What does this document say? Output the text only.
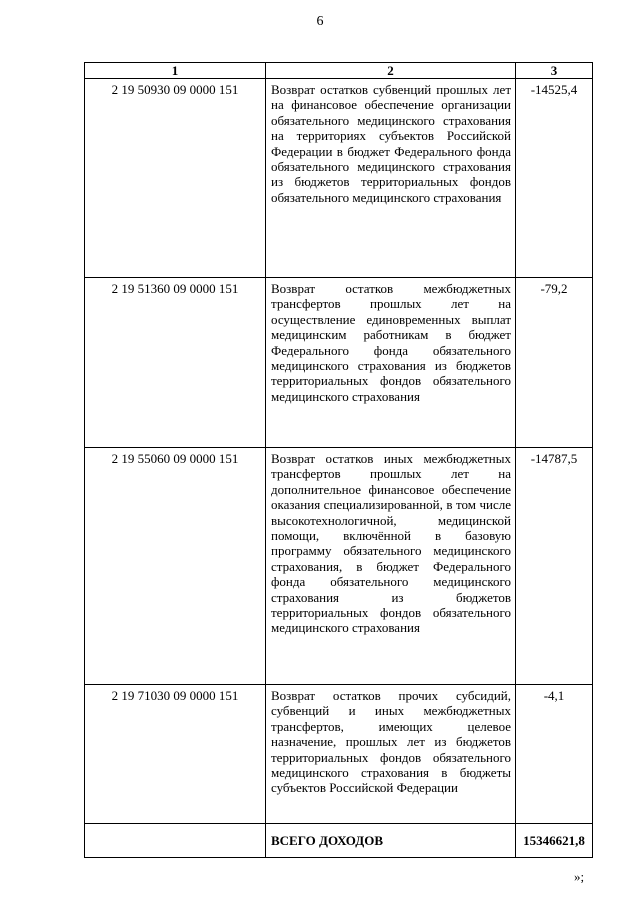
6
1	2	3
2 19 50930 09 0000 151	Возврат остатков субвенций прошлых лет на финансовое обеспечение организации обязательного медицинского страхования на территориях субъектов Российской Федерации в бюджет Федерального фонда обязательного медицинского страхования из бюджетов территориальных фондов обязательного медицинского страхования	-14525,4
2 19 51360 09 0000 151	Возврат остатков межбюджетных трансфертов прошлых лет на осуществление единовременных выплат медицинским работникам в бюджет Федерального фонда обязательного медицинского страхования из бюджетов территориальных фондов обязательного медицинского страхования	-79,2
2 19 55060 09 0000 151	Возврат остатков иных межбюджетных трансфертов прошлых лет на дополнительное финансовое обеспечение оказания специализированной, в том числе высокотехнологичной, медицинской помощи, включённой в базовую программу обязательного медицинского страхования, в бюджет Федерального фонда обязательного медицинского страхования из бюджетов территориальных фондов обязательного медицинского страхования	-14787,5
2 19 71030 09 0000 151	Возврат остатков прочих субсидий, субвенций и иных межбюджетных трансфертов, имеющих целевое назначение, прошлых лет из бюджетов территориальных фондов обязательного медицинского страхования в бюджеты субъектов Российской Федерации	-4,1
	ВСЕГО ДОХОДОВ	15346621,8
»;
